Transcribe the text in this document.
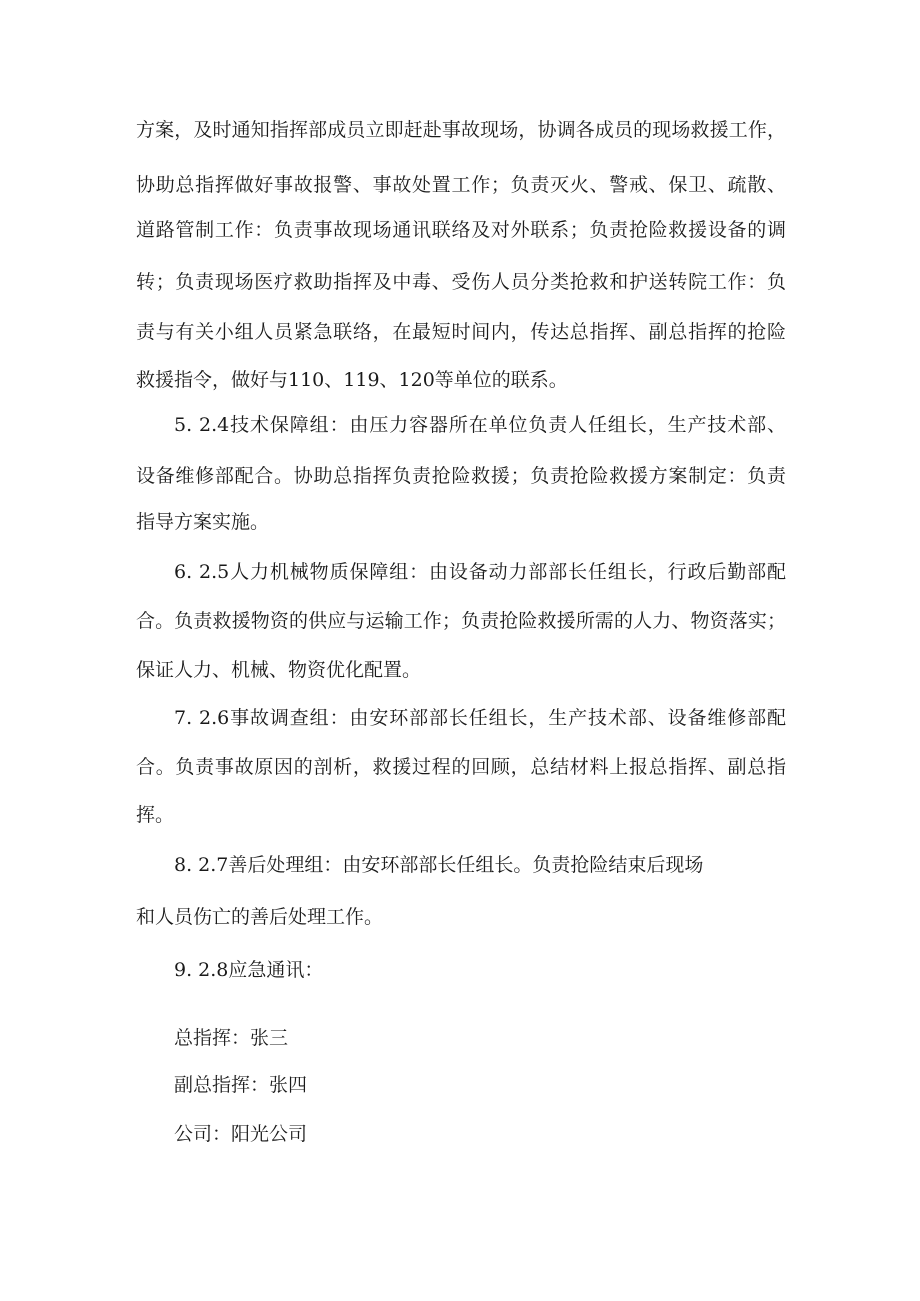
方案，及时通知指挥部成员立即赶赴事故现场，协调各成员的现场救援工作，
协助总指挥做好事故报警、事故处置工作；负责灭火、警戒、保卫、疏散、
道路管制工作：负责事故现场通讯联络及对外联系；负责抢险救援设备的调
转；负责现场医疗救助指挥及中毒、受伤人员分类抢救和护送转院工作：负
责与有关小组人员紧急联络，在最短时间内，传达总指挥、副总指挥的抢险
救援指令，做好与110、119、120等单位的联系。
5. 2.4技术保障组：由压力容器所在单位负责人任组长，生产技术部、
设备维修部配合。协助总指挥负责抢险救援；负责抢险救援方案制定：负责
指导方案实施。
6. 2.5人力机械物质保障组：由设备动力部部长任组长，行政后勤部配
合。负责救援物资的供应与运输工作；负责抢险救援所需的人力、物资落实；
保证人力、机械、物资优化配置。
7. 2.6事故调查组：由安环部部长任组长，生产技术部、设备维修部配
合。负责事故原因的剖析，救援过程的回顾，总结材料上报总指挥、副总指
挥。
8. 2.7善后处理组：由安环部部长任组长。负责抢险结束后现场
和人员伤亡的善后处理工作。
9. 2.8应急通讯：
总指挥：张三
副总指挥：张四
公司：阳光公司
